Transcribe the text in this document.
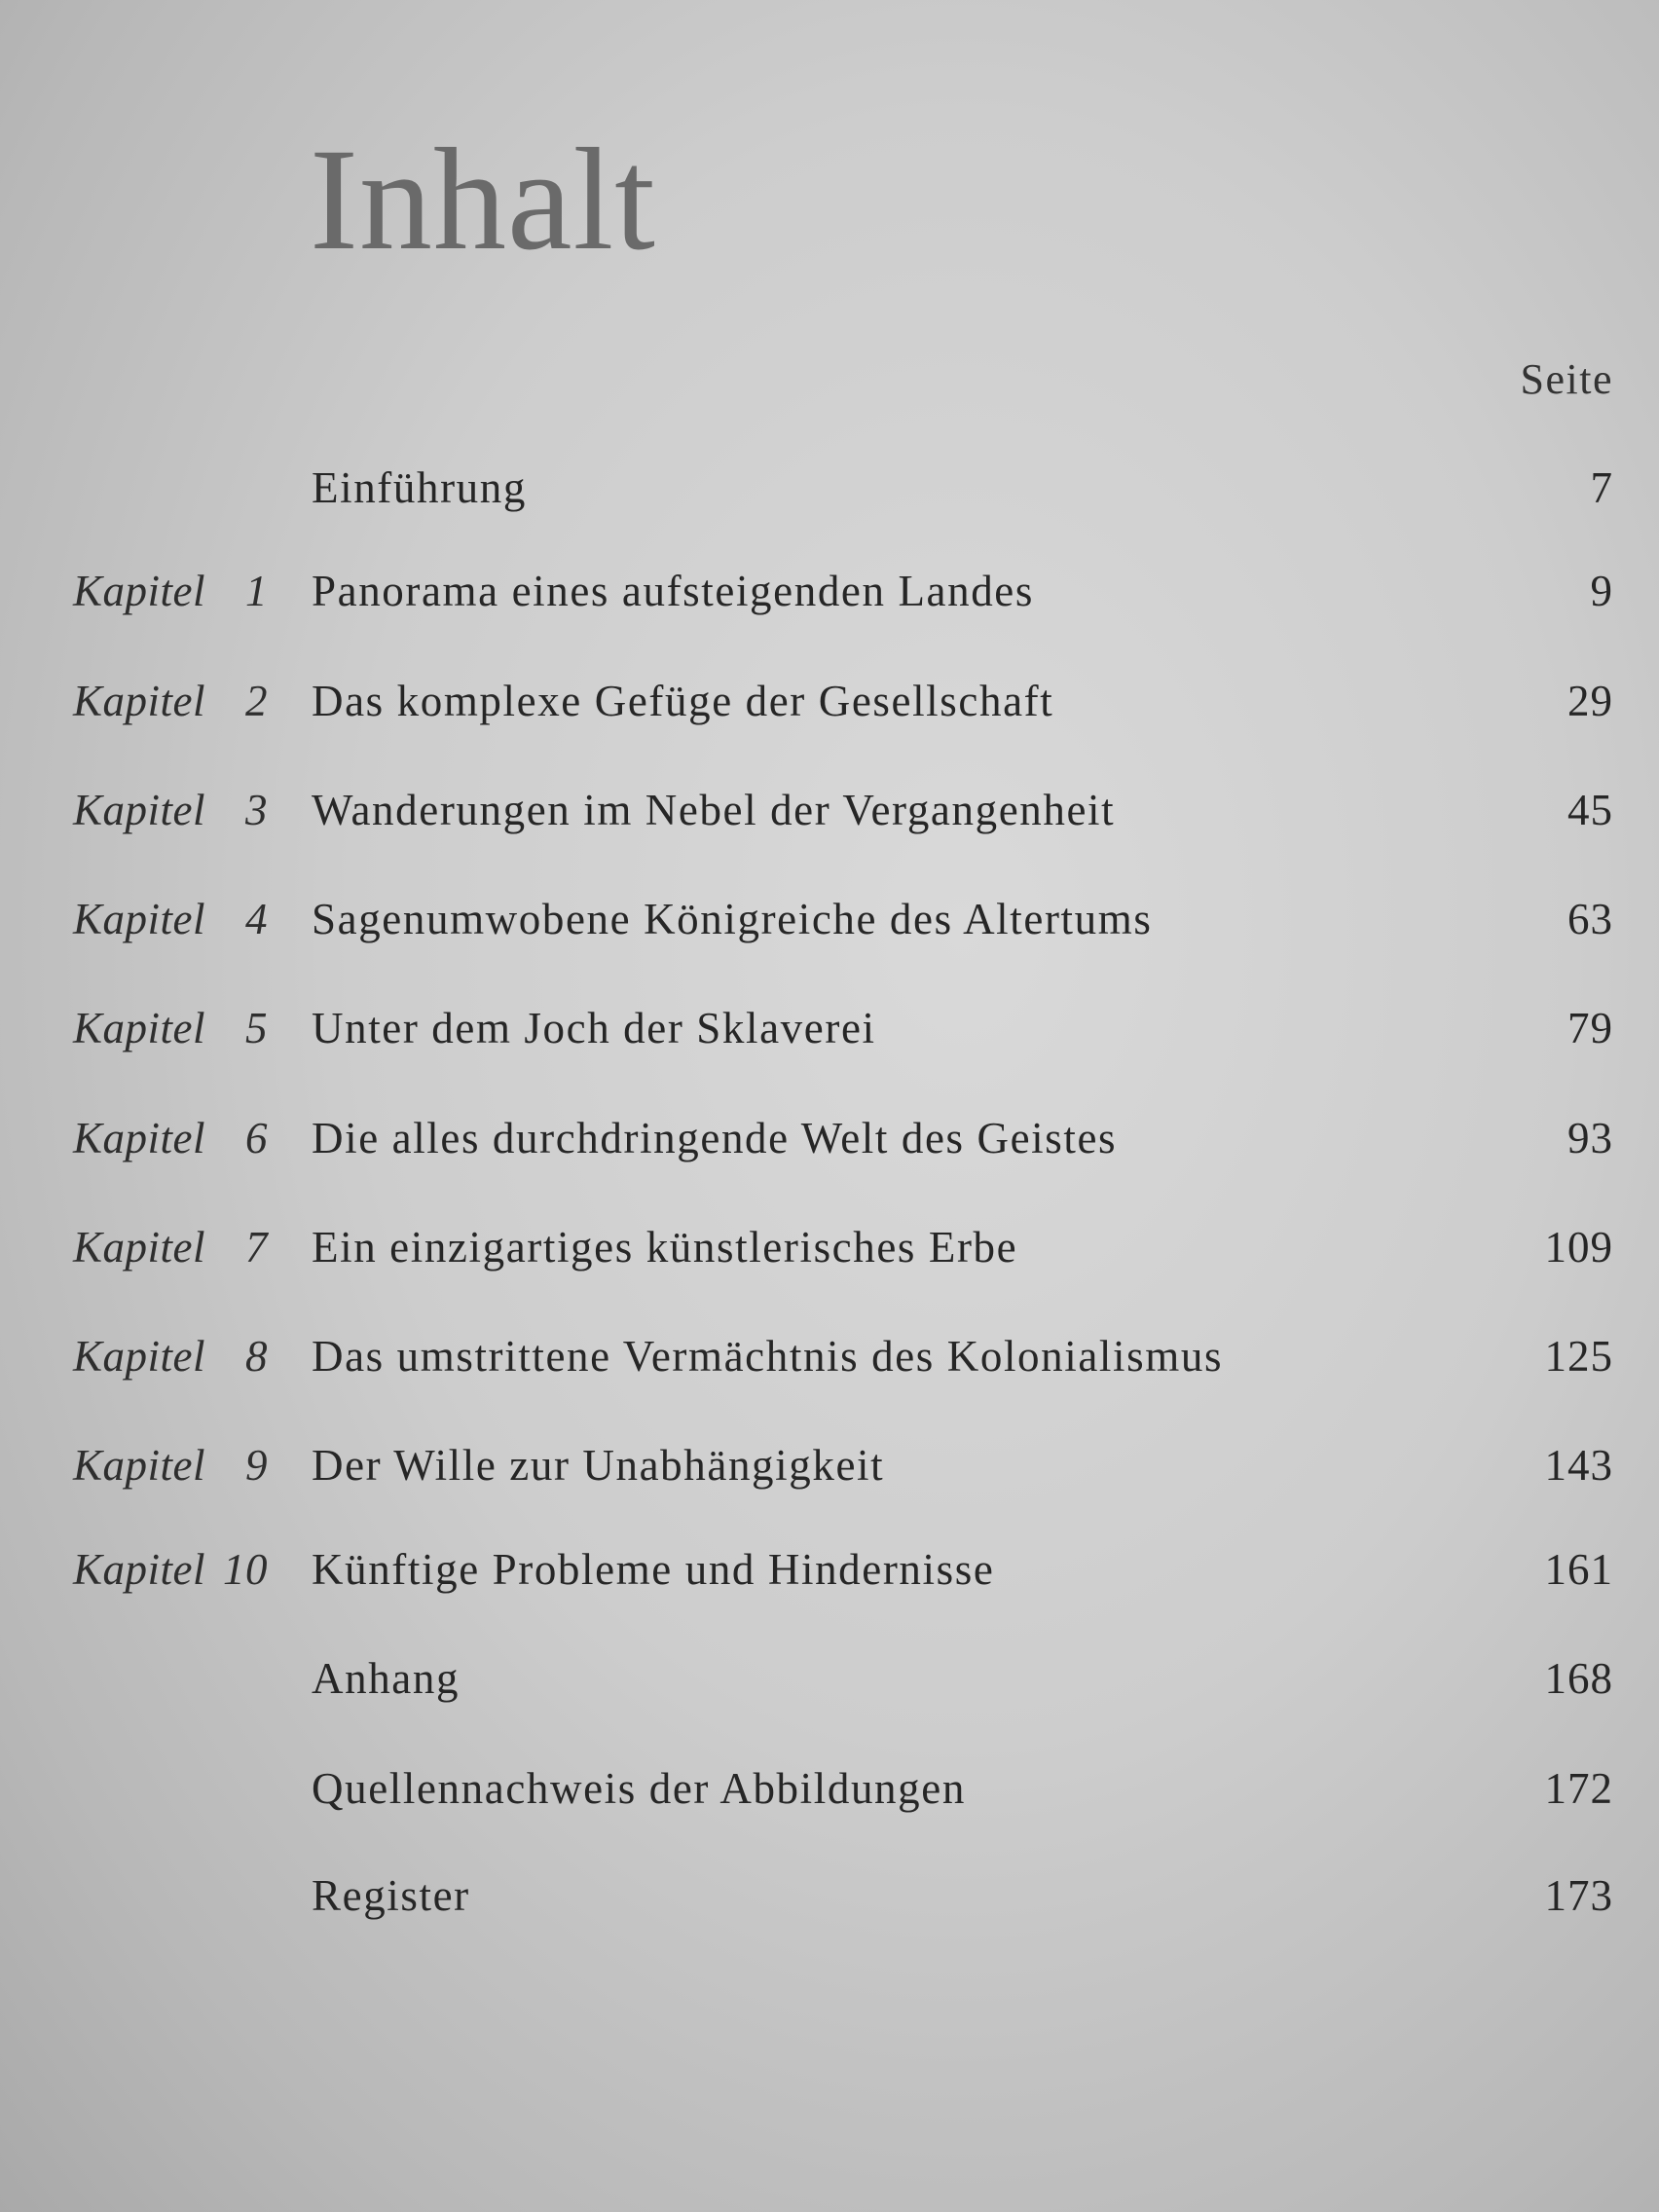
Inhalt
Seite
Einführung	7
Kapitel 1 Panorama eines aufsteigenden Landes	9
Kapitel 2 Das komplexe Gefüge der Gesellschaft	29
Kapitel 3 Wanderungen im Nebel der Vergangenheit	45
Kapitel 4 Sagenumwobene Königreiche des Altertums	63
Kapitel 5 Unter dem Joch der Sklaverei	79
Kapitel 6 Die alles durchdringende Welt des Geistes	93
Kapitel 7 Ein einzigartiges künstlerisches Erbe	109
Kapitel 8 Das umstrittene Vermächtnis des Kolonialismus	125
Kapitel 9 Der Wille zur Unabhängigkeit	143
Kapitel 10 Künftige Probleme und Hindernisse	161
Anhang	168
Quellennachweis der Abbildungen	172
Register	173
